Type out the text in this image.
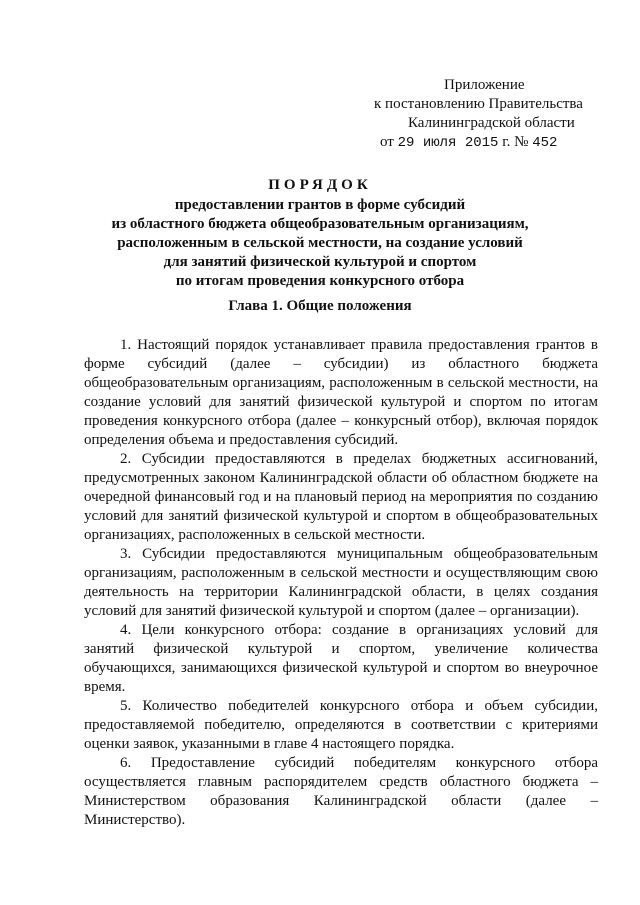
Приложение
к постановлению Правительства
Калининградской области
от 29 июля 2015 г. № 452
ПОРЯДОК
предоставлении грантов в форме субсидий
из областного бюджета общеобразовательным организациям,
расположенным в сельской местности, на создание условий
для занятий физической культурой и спортом
по итогам проведения конкурсного отбора
Глава 1. Общие положения

1. Настоящий порядок устанавливает правила предоставления грантов в форме субсидий (далее – субсидии) из областного бюджета общеобразовательным организациям, расположенным в сельской местности, на создание условий для занятий физической культурой и спортом по итогам проведения конкурсного отбора (далее – конкурсный отбор), включая порядок определения объема и предоставления субсидий.

2. Субсидии предоставляются в пределах бюджетных ассигнований, предусмотренных законом Калининградской области об областном бюджете на очередной финансовый год и на плановый период на мероприятия по созданию условий для занятий физической культурой и спортом в общеобразовательных организациях, расположенных в сельской местности.

3. Субсидии предоставляются муниципальным общеобразовательным организациям, расположенным в сельской местности и осуществляющим свою деятельность на территории Калининградской области, в целях создания условий для занятий физической культурой и спортом (далее – организации).

4. Цели конкурсного отбора: создание в организациях условий для занятий физической культурой и спортом, увеличение количества обучающихся, занимающихся физической культурой и спортом во внеурочное время.

5. Количество победителей конкурсного отбора и объем субсидии, предоставляемой победителю, определяются в соответствии с критериями оценки заявок, указанными в главе 4 настоящего порядка.

6. Предоставление субсидий победителям конкурсного отбора осуществляется главным распорядителем средств областного бюджета – Министерством образования Калининградской области (далее – Министерство).
